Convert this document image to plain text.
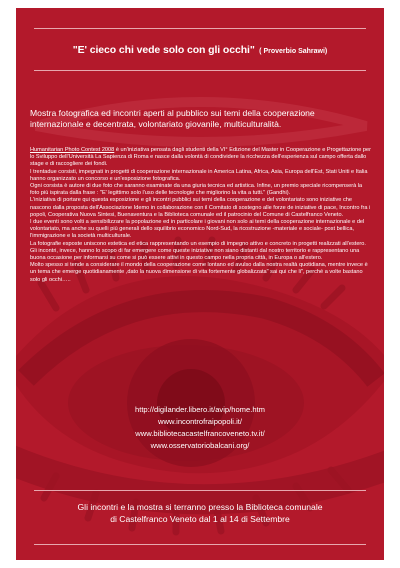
"E' cieco chi vede solo con gli occhi" ( Proverbio Sahrawi)
Mostra fotografica ed incontri aperti al pubblico sui temi della cooperazione internazionale e decentrata, volontariato giovanile, multiculturalità.

Humanitarian Photo Contest 2008 è un'iniziativa pensata dagli studenti della VI° Edizione del Master in Cooperazione e Progettazione per lo Sviluppo dell'Università La Sapienza di Roma e nasce dalla volontà di condividere la ricchezza dell'esperienza sul campo offerta dallo stage e di raccogliere dei fondi.

I trentadue corsisti, impegnati in progetti di cooperazione internazionale in America Latina, Africa, Asia, Europa dell'Est, Stati Uniti e Italia hanno organizzato un concorso e un'esposizione fotografica.

Ogni corsista è autore di due foto che saranno esaminate da una giuria tecnica ed artistica. Infine, un premio speciale ricompenserà la foto più ispirata dalla frase : "E' legittimo solo l'uso delle tecnologie che migliorino la vita a tutti." (Gandhi).

L'iniziativa di portare qui questa esposizione e gli incontri pubblici sui temi della cooperazione e del volontariato sono iniziative che nascono dalla proposta dell'Associazione Idemo in collaborazione con il Comitato di sostegno alle forze de iniziative di pace, Incontro fra i popoli, Cooperativa Nuova Sintesi, Buenaventura e la Biblioteca comunale ed il patrocinio del Comune di Castelfranco Veneto.

I due eventi sono volti a sensibilizzare la popolazione ed in particolare i giovani non solo ai temi della cooperazione internazionale e del volontariato, ma anche su quelli più generali dello squilibrio economico Nord-Sud, la ricostruzione -materiale e sociale- post bellica, l'immigrazione e la società multiculturale.

La fotografie esposte uniscono estetica ed etica rappresentando un esempio di impegno attivo e concreto in progetti realizzati all'estero.

Gli incontri, invece, hanno lo scopo di far emergere come queste iniziative non siano distanti dal nostro territorio e rappresentano una buona occasione per informarsi su come si può essere attivi in questo campo nella propria città, in Europa o all'estero.

Molto spesso si tende a considerare il mondo della cooperazione come lontano ed avulso dalla nostra realtà quotidiana, mentre invece è un tema che emerge quotidianamente ,dato la nuova dimensione di vita fortemente globalizzata" sai qui che li", perché a volte bastano solo gli occhi…..

http://digilander.libero.it/avip/home.htm
www.incontrofraipopoli.it/
www.bibliotecacastelfrancoveneto.tv.it/
www.osservatoriobalcani.org/
Gli incontri e la mostra si terranno presso la Biblioteca comunale
di Castelfranco Veneto dal 1 al 14 di Settembre
